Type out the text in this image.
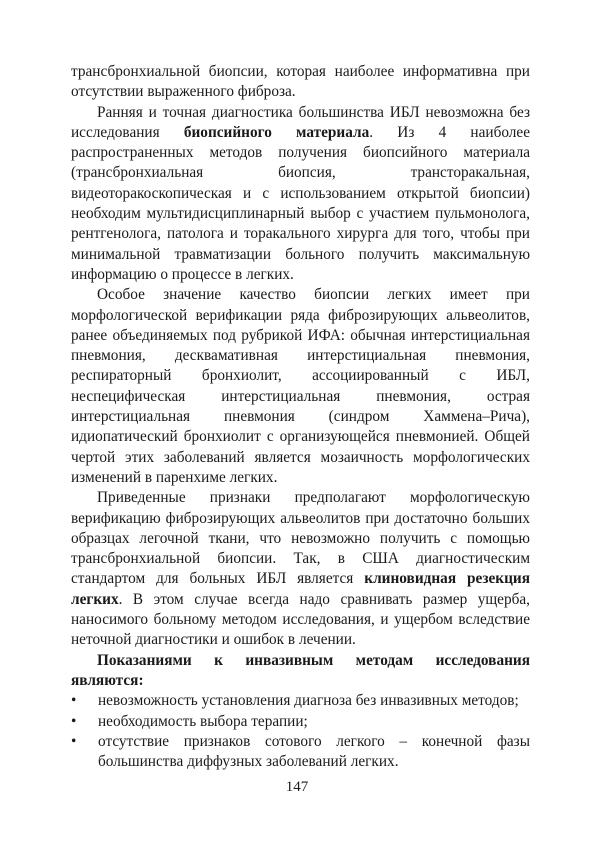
трансбронхиальной биопсии, которая наиболее информативна при отсутствии выраженного фиброза.

Ранняя и точная диагностика большинства ИБЛ невозможна без исследования биопсийного материала. Из 4 наиболее распространенных методов получения биопсийного материала (трансбронхиальная биопсия, трансторакальная, видеоторакоскопическая и с использованием открытой биопсии) необходим мультидисциплинарный выбор с участием пульмонолога, рентгенолога, патолога и торакального хирурга для того, чтобы при минимальной травматизации больного получить максимальную информацию о процессе в легких.

Особое значение качество биопсии легких имеет при морфологической верификации ряда фиброзирующих альвеолитов, ранее объединяемых под рубрикой ИФА: обычная интерстициальная пневмония, десквамативная интерстициальная пневмония, респираторный бронхиолит, ассоциированный с ИБЛ, неспецифическая интерстициальная пневмония, острая интерстициальная пневмония (синдром Хаммена–Рича), идиопатический бронхиолит с организующейся пневмонией. Общей чертой этих заболеваний является мозаичность морфологических изменений в паренхиме легких.

Приведенные признаки предполагают морфологическую верификацию фиброзирующих альвеолитов при достаточно больших образцах легочной ткани, что невозможно получить с помощью трансбронхиальной биопсии. Так, в США диагностическим стандартом для больных ИБЛ является клиновидная резекция легких. В этом случае всегда надо сравнивать размер ущерба, наносимого больному методом исследования, и ущербом вследствие неточной диагностики и ошибок в лечении.

Показаниями к инвазивным методам исследования являются:

•	невозможность установления диагноза без инвазивных методов;
•	необходимость выбора терапии;
•	отсутствие признаков сотового легкого – конечной фазы большинства диффузных заболеваний легких.
147
